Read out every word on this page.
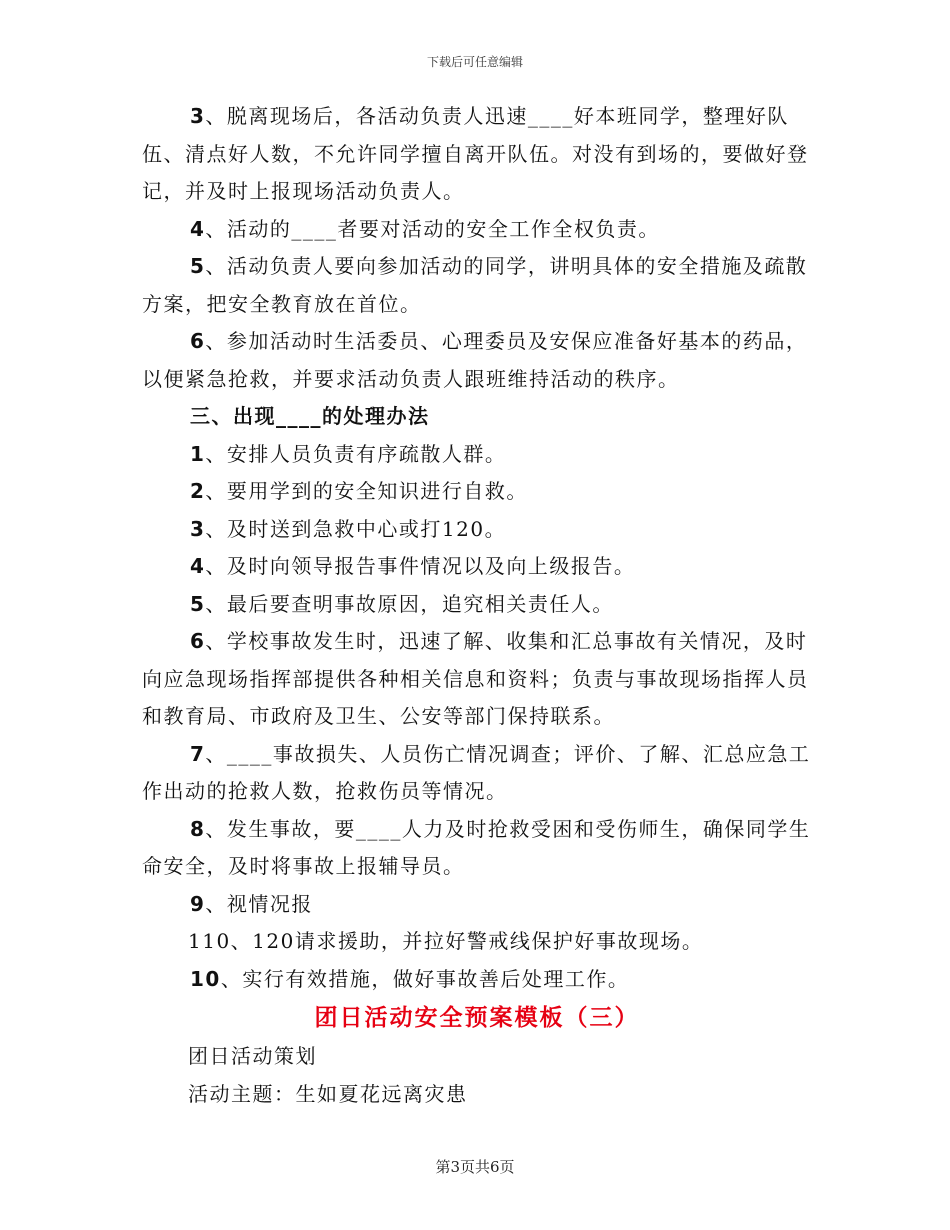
下载后可任意编辑

3、脱离现场后，各活动负责人迅速____好本班同学，整理好队伍、清点好人数，不允许同学擅自离开队伍。对没有到场的，要做好登记，并及时上报现场活动负责人。

4、活动的____者要对活动的安全工作全权负责。

5、活动负责人要向参加活动的同学，讲明具体的安全措施及疏散方案，把安全教育放在首位。

6、参加活动时生活委员、心理委员及安保应准备好基本的药品，以便紧急抢救，并要求活动负责人跟班维持活动的秩序。

三、出现____的处理办法

1、安排人员负责有序疏散人群。

2、要用学到的安全知识进行自救。

3、及时送到急救中心或打120。

4、及时向领导报告事件情况以及向上级报告。

5、最后要查明事故原因，追究相关责任人。

6、学校事故发生时，迅速了解、收集和汇总事故有关情况，及时向应急现场指挥部提供各种相关信息和资料；负责与事故现场指挥人员和教育局、市政府及卫生、公安等部门保持联系。

7、____事故损失、人员伤亡情况调查；评价、了解、汇总应急工作出动的抢救人数，抢救伤员等情况。

8、发生事故，要____人力及时抢救受困和受伤师生，确保同学生命安全，及时将事故上报辅导员。

9、视情况报

110、120请求援助，并拉好警戒线保护好事故现场。

10、实行有效措施，做好事故善后处理工作。

团日活动安全预案模板（三）

团日活动策划

活动主题：生如夏花远离灾患

第3页共6页
